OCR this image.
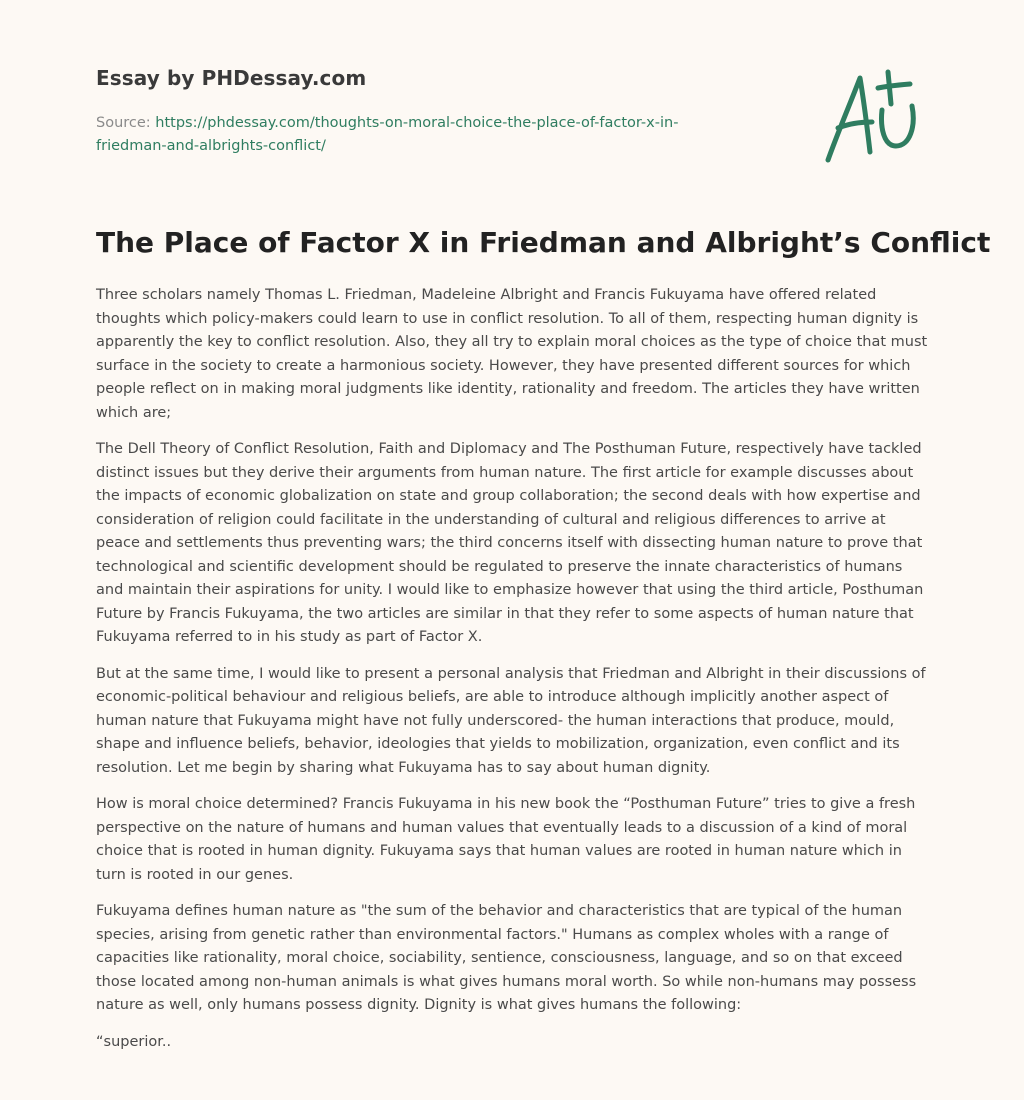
Essay by PHDessay.com
Source: https://phdessay.com/thoughts-on-moral-choice-the-place-of-factor-x-in-friedman-and-albrights-conflict/
The Place of Factor X in Friedman and Albright’s Conflict

Three scholars namely Thomas L. Friedman, Madeleine Albright and Francis Fukuyama have offered related thoughts which policy-makers could learn to use in conflict resolution. To all of them, respecting human dignity is apparently the key to conflict resolution. Also, they all try to explain moral choices as the type of choice that must surface in the society to create a harmonious society. However, they have presented different sources for which people reflect on in making moral judgments like identity, rationality and freedom. The articles they have written which are;

The Dell Theory of Conflict Resolution, Faith and Diplomacy and The Posthuman Future, respectively have tackled distinct issues but they derive their arguments from human nature. The first article for example discusses about the impacts of economic globalization on state and group collaboration; the second deals with how expertise and consideration of religion could facilitate in the understanding of cultural and religious differences to arrive at peace and settlements thus preventing wars; the third concerns itself with dissecting human nature to prove that technological and scientific development should be regulated to preserve the innate characteristics of humans and maintain their aspirations for unity. I would like to emphasize however that using the third article, Posthuman Future by Francis Fukuyama, the two articles are similar in that they refer to some aspects of human nature that Fukuyama referred to in his study as part of Factor X.

But at the same time, I would like to present a personal analysis that Friedman and Albright in their discussions of economic-political behaviour and religious beliefs, are able to introduce although implicitly another aspect of human nature that Fukuyama might have not fully underscored- the human interactions that produce, mould, shape and influence beliefs, behavior, ideologies that yields to mobilization, organization, even conflict and its resolution. Let me begin by sharing what Fukuyama has to say about human dignity.

How is moral choice determined? Francis Fukuyama in his new book the “Posthuman Future” tries to give a fresh perspective on the nature of humans and human values that eventually leads to a discussion of a kind of moral choice that is rooted in human dignity. Fukuyama says that human values are rooted in human nature which in turn is rooted in our genes.

Fukuyama defines human nature as "the sum of the behavior and characteristics that are typical of the human species, arising from genetic rather than environmental factors." Humans as complex wholes with a range of capacities like rationality, moral choice, sociability, sentience, consciousness, language, and so on that exceed those located among non-human animals is what gives humans moral worth. So while non-humans may possess nature as well, only humans possess dignity. Dignity is what gives humans the following:

“superior..
